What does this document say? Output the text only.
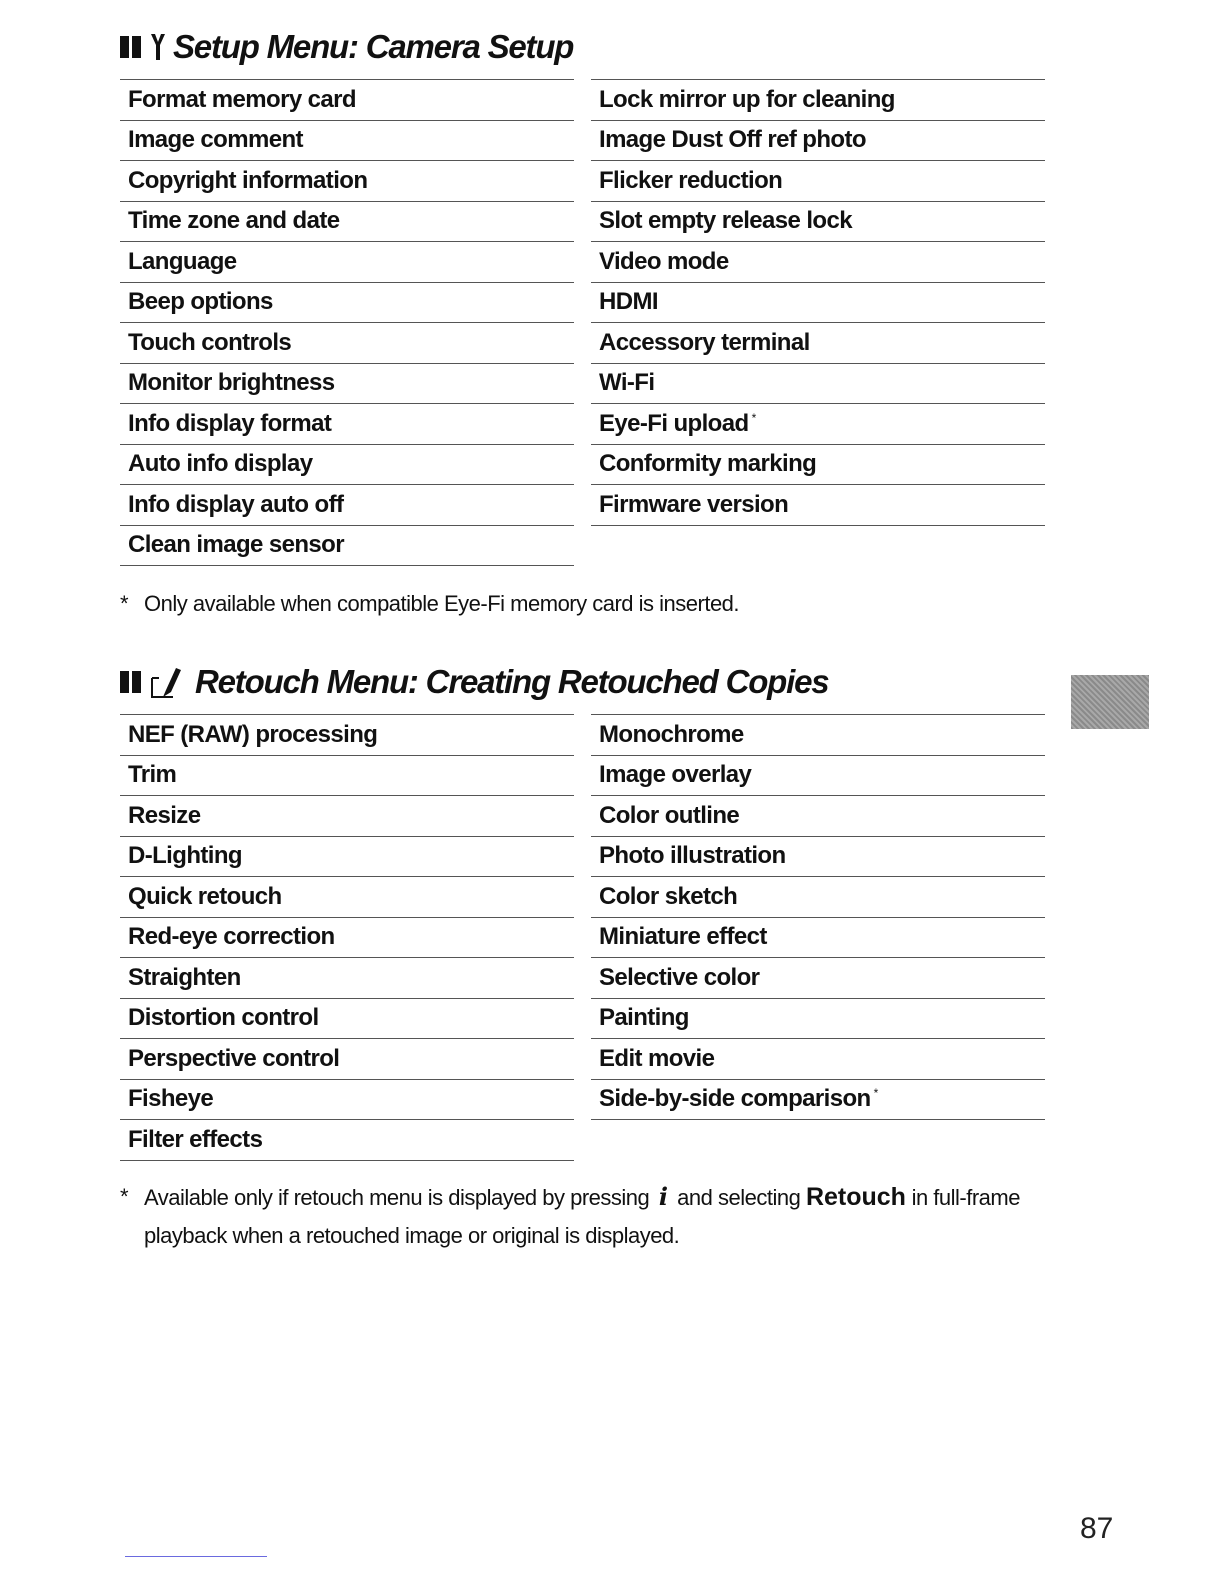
Setup Menu: Camera Setup
Format memory card
Image comment
Copyright information
Time zone and date
Language
Beep options
Touch controls
Monitor brightness
Info display format
Auto info display
Info display auto off
Clean image sensor
Lock mirror up for cleaning
Image Dust Off ref photo
Flicker reduction
Slot empty release lock
Video mode
HDMI
Accessory terminal
Wi-Fi
Eye-Fi upload *
Conformity marking
Firmware version
* Only available when compatible Eye-Fi memory card is inserted.
Retouch Menu: Creating Retouched Copies
NEF (RAW) processing
Trim
Resize
D-Lighting
Quick retouch
Red-eye correction
Straighten
Distortion control
Perspective control
Fisheye
Filter effects
Monochrome
Image overlay
Color outline
Photo illustration
Color sketch
Miniature effect
Selective color
Painting
Edit movie
Side-by-side comparison *
* Available only if retouch menu is displayed by pressing i and selecting Retouch in full-frame playback when a retouched image or original is displayed.
87
